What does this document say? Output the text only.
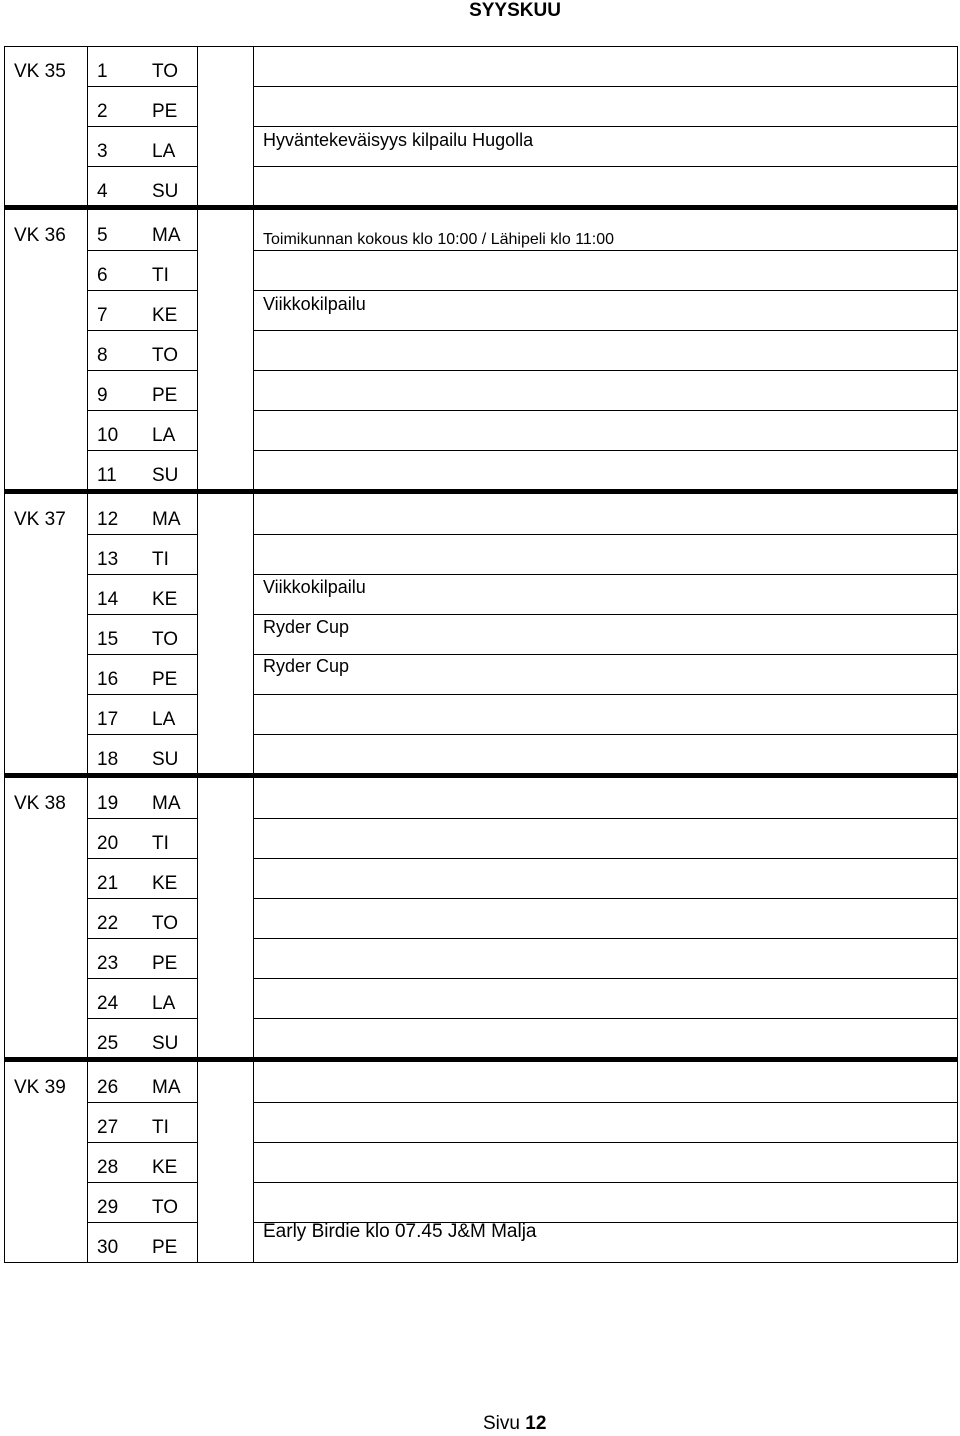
SYYSKUU
1 TO
2 PE
3 LA
4 SU
5 MA
6 TI
7 KE
8 TO
9 PE
10 LA
11 SU
12 MA
13 TI
14 KE
15 TO
16 PE
17 LA
18 SU
19 MA
20 TI
21 KE
22 TO
23 PE
24 LA
25 SU
26 MA
27 TI
28 KE
29 TO
30 PE
VK 35
VK 36
VK 37
VK 38
VK 39
Hyväntekeväisyys kilpailu Hugolla
Toimikunnan kokous klo 10:00 / Lähipeli klo 11:00
Viikkokilpailu
Viikkokilpailu
Ryder Cup
Ryder Cup
Early Birdie klo 07.45 J&M Malja
Sivu 12
